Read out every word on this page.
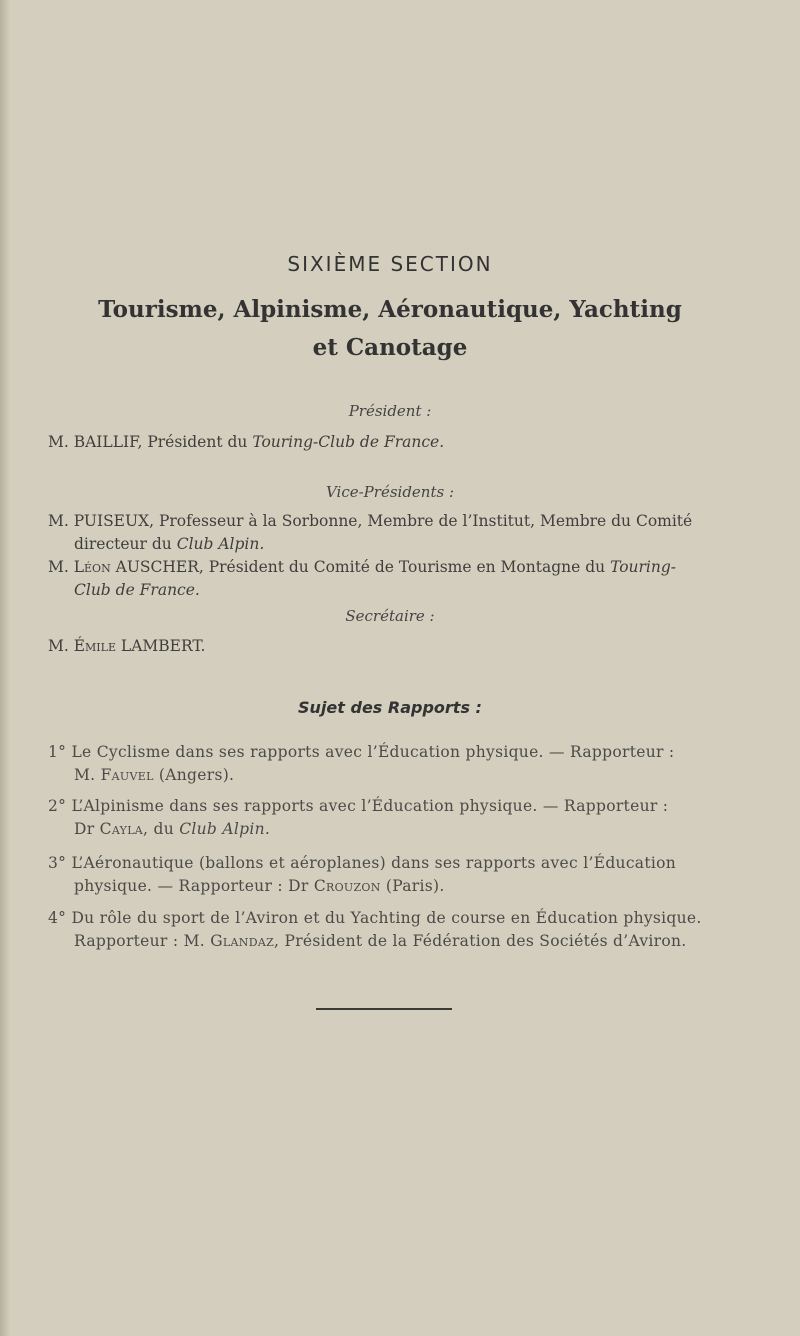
SIXIÈME SECTION
Tourisme, Alpinisme, Aéronautique, Yachting
et Canotage
Président :
M. BAILLIF, Président du Touring-Club de France.
Vice-Présidents :
M. PUISEUX, Professeur à la Sorbonne, Membre de l’Institut, Membre du Comité
directeur du Club Alpin.
M. Léon AUSCHER, Président du Comité de Tourisme en Montagne du Touring-
Club de France.
Secrétaire :
M. Émile LAMBERT.
Sujet des Rapports :
1° Le Cyclisme dans ses rapports avec l’Éducation physique. — Rapporteur :
M. Fauvel (Angers).
2° L’Alpinisme dans ses rapports avec l’Éducation physique. — Rapporteur :
Dr Cayla, du Club Alpin.
3° L’Aéronautique (ballons et aéroplanes) dans ses rapports avec l’Éducation
physique. — Rapporteur : Dr Crouzon (Paris).
4° Du rôle du sport de l’Aviron et du Yachting de course en Éducation physique.
Rapporteur : M. Glandaz, Président de la Fédération des Sociétés d’Aviron.
